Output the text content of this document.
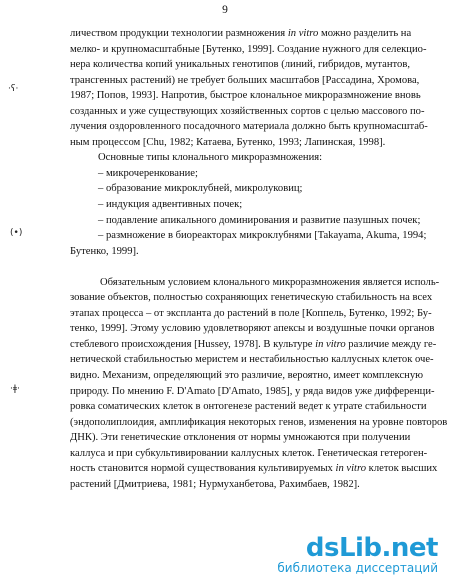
9
личеством продукции технологии размножения in vitro можно разделить на
мелко- и крупномасштабные [Бутенко, 1999]. Создание нужного для селекцио-
нера количества копий уникальных генотипов (линий, гибридов, мутантов,
трансгенных растений) не требует больших масштабов [Рассадина, Хромова,
1987; Попов, 1993]. Напротив, быстрое клональное микроразмножение вновь
созданных и уже существующих хозяйственных сортов с целью массового по-
лучения оздоровленного посадочного материала должно быть крупномасштаб-
ным процессом [Chu, 1982; Катаева, Бутенко, 1993; Лапинская, 1998].
Основные типы клонального микроразмножения:
– микрочеренкование;
– образование микроклубней, микролуковиц;
– индукция адвентивных почек;
– подавление апикального доминирования и развитие пазушных почек;
– размножение в биореакторах микроклубнями [Takayama, Akuma, 1994;
Бутенко, 1999].
Обязательным условием клонального микроразмножения является исполь-
зование объектов, полностью сохраняющих генетическую стабильность на всех
этапах процесса – от экспланта до растений в поле [Коппель, Бутенко, 1992; Бу-
тенко, 1999]. Этому условию удовлетворяют апексы и воздушные почки органов
стеблевого происхождения [Hussey, 1978]. В культуре in vitro различие между ге-
нетической стабильностью меристем и нестабильностью каллусных клеток оче-
видно. Механизм, определяющий это различие, вероятно, имеет комплексную
природу. По мнению F. D'Amato [D'Amato, 1985], у ряда видов уже дифференци-
ровка соматических клеток в онтогенезе растений ведет к утрате стабильности
(эндополиплоидия, амплификация некоторых генов, изменения на уровне повторов
ДНК). Эти генетические отклонения от нормы умножаются при получении
каллуса и при субкультивировании каллусных клеток. Генетическая гетероген-
ность становится нормой существования культивируемых in vitro клеток высших
растений [Дмитриева, 1981; Нурмуханбетова, Рахимбаев, 1982].
·ʕ·
(•)
·ǂ·
dsLib.net
библиотека диссертаций
